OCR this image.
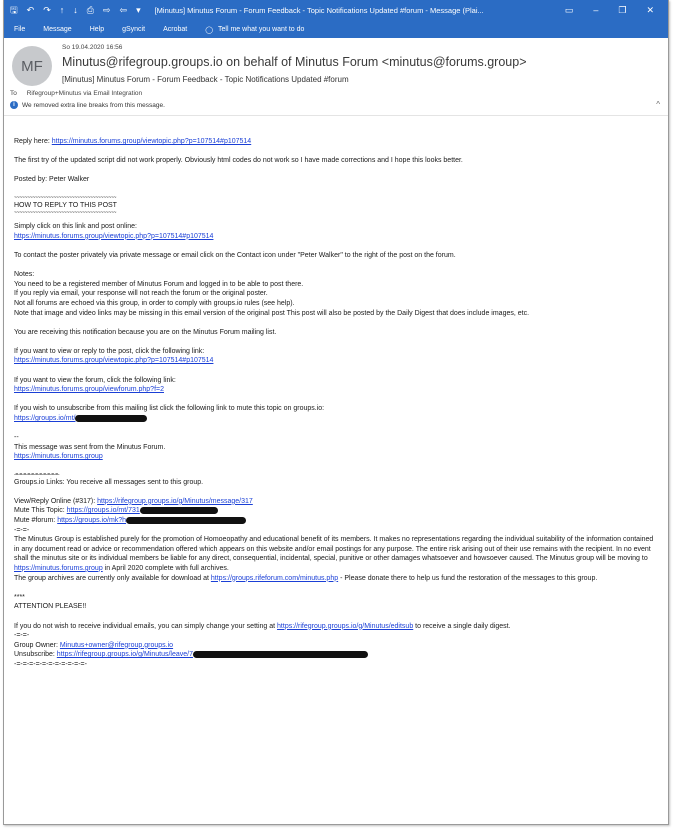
🖫 ↶ ↷ ↑ ↓ ⎙ ⇨ ⇦ ▾	[Minutus] Minutus Forum - Forum Feedback - Topic Notifications Updated #forum - Message (Plai...	▭ – ❐ ✕
File	Message	Help	gSyncit	Acrobat	◯ Tell me what you want to do
MF
So 19.04.2020 16:56
Minutus@rifegroup.groups.io on behalf of Minutus Forum <minutus@forums.group>
[Minutus] Minutus Forum - Forum Feedback - Topic Notifications Updated #forum
To Rifegroup+Minutus via Email Integration
i	We removed extra line breaks from this message.	^

Reply here: https://minutus.forums.group/viewtopic.php?p=107514#p107514

The first try of the updated script did not work properly. Obviously html codes do not work so I have made corrections and I hope this looks better.

Posted by: Peter Walker

~~~~~~~~~~~~~~~~~~~~~~~~~~~~~~~~~~~~~~~

HOW TO REPLY TO THIS POST

~~~~~~~~~~~~~~~~~~~~~~~~~~~~~~~~~~~~~~~

Simply click on this link and post online:

https://minutus.forums.group/viewtopic.php?p=107514#p107514

To contact the poster privately via private message or email click on the Contact icon under "Peter Walker" to the right of the post on the forum.

Notes:

You need to be a registered member of Minutus Forum and logged in to be able to post there.

If you reply via email, your response will not reach the forum or the original poster.

Not all forums are echoed via this group, in order to comply with groups.io rules (see help).

Note that image and video links may be missing in this email version of the original post This post will also be posted by the Daily Digest that does include images, etc.

You are receiving this notification because you are on the Minutus Forum mailing list.

If you want to view or reply to the post, click the following link:

https://minutus.forums.group/viewtopic.php?p=107514#p107514

If you want to view the forum, click the following link:

https://minutus.forums.group/viewforum.php?f=2

If you wish to unsubscribe from this mailing list click the following link to mute this topic on groups.io:

https://groups.io/mt/

--

This message was sent from the Minutus Forum.

https://minutus.forums.group

-=-=-=-=-=-=-=-=-=-=-=-

Groups.io Links: You receive all messages sent to this group.

View/Reply Online (#317): https://rifegroup.groups.io/g/Minutus/message/317

Mute This Topic: https://groups.io/mt/731

Mute #forum: https://groups.io/mk?h

-=-=-

The Minutus Group is established purely for the promotion of Homoeopathy and educational benefit of its members. It makes no representations regarding the individual suitability of the information contained in any document read or advice or recommendation offered which appears on this website and/or email postings for any purpose. The entire risk arising out of their use remains with the recipient. In no event shall the minutus site or its individual members be liable for any direct, consequential, incidental, special, punitive or other damages whatsoever and howsoever caused. The Minutus group will be moving to https://minutus.forums.group in April 2020 complete with full archives.

The group archives are currently only available for download at https://groups.rifeforum.com/minutus.php - Please donate there to help us fund the restoration of the messages to this group.

****

ATTENTION PLEASE!!

If you do not wish to receive individual emails, you can simply change your setting at https://rifegroup.groups.io/g/Minutus/editsub to receive a single daily digest.

-=-=-

Group Owner: Minutus+owner@rifegroup.groups.io

Unsubscribe: https://rifegroup.groups.io/g/Minutus/leave/7

-=-=-=-=-=-=-=-=-=-=-=-
